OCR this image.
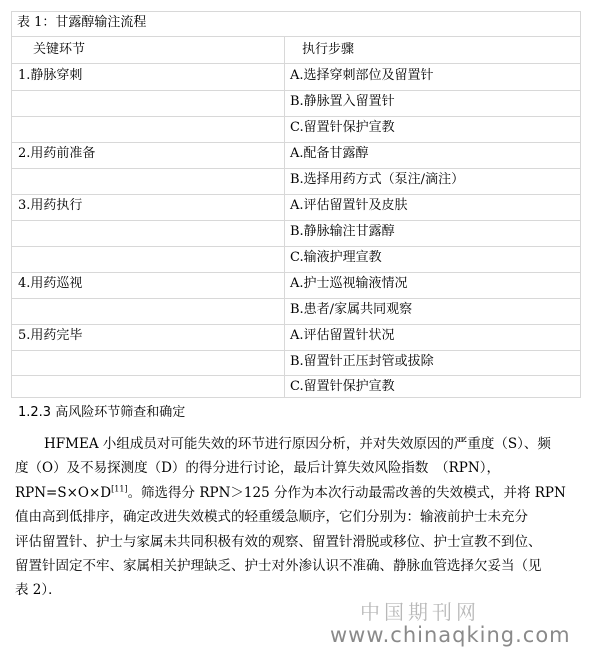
表 1：甘露醇输注流程
关键环节	执行步骤
1.静脉穿刺	A.选择穿刺部位及留置针
B.静脉置入留置针
C.留置针保护宣教
2.用药前准备	A.配备甘露醇
B.选择用药方式（泵注/滴注）
3.用药执行	A.评估留置针及皮肤
B.静脉输注甘露醇
C.输液护理宣教
4.用药巡视	A.护士巡视输液情况
B.患者/家属共同观察
5.用药完毕	A.评估留置针状况
B.留置针正压封管或拔除
C.留置针保护宣教
1.2.3 高风险环节筛查和确定
HFMEA 小组成员对可能失效的环节进行原因分析，并对失效原因的严重度（S）、频
度（O）及不易探测度（D）的得分进行讨论，最后计算失效风险指数　（RPN），
RPN=S×O×D[11]。筛选得分 RPN＞125 分作为本次行动最需改善的失效模式，并将 RPN
值由高到低排序，确定改进失效模式的轻重缓急顺序，它们分别为：输液前护士未充分
评估留置针、护士与家属未共同积极有效的观察、留置针滑脱或移位、护士宣教不到位、
留置针固定不牢、家属相关护理缺乏、护士对外渗认识不准确、静脉血管选择欠妥当（见
表 2）．
中国期刊网
www.chinaqking.com
